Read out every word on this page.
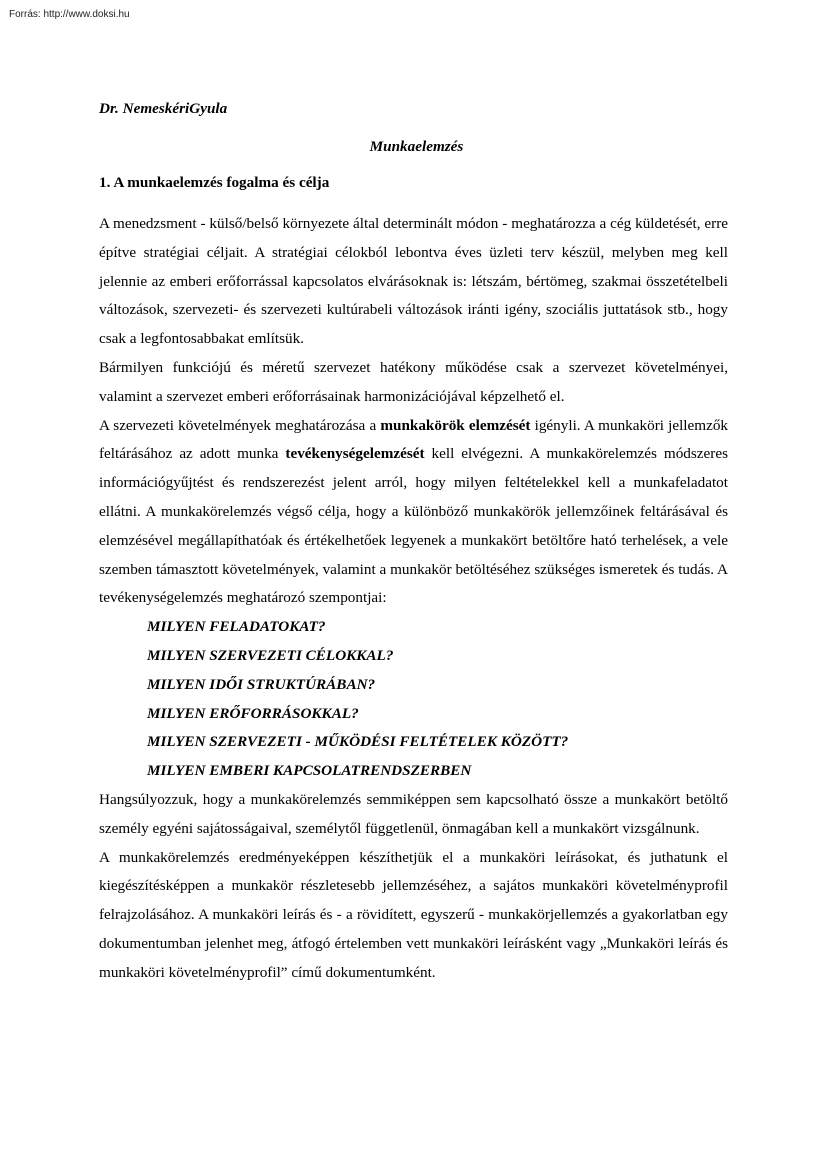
Forrás: http://www.doksi.hu

Dr. NemeskériGyula

Munkaelemzés

1. A munkaelemzés fogalma és célja

A menedzsment - külső/belső környezete által determinált módon - meghatározza a cég küldetését, erre építve stratégiai céljait. A stratégiai célokból lebontva éves üzleti terv készül, melyben meg kell jelennie az emberi erőforrással kapcsolatos elvárásoknak is: létszám, bértömeg, szakmai összetételbeli változások, szervezeti- és szervezeti kultúrabeli változások iránti igény, szociális juttatások stb., hogy csak a legfontosabbakat említsük.

Bármilyen funkciójú és méretű szervezet hatékony működése csak a szervezet követelményei, valamint a szervezet emberi erőforrásainak harmonizációjával képzelhető el.

A szervezeti követelmények meghatározása a munkakörök elemzését igényli. A munkaköri jellemzők feltárásához az adott munka tevékenységelemzését kell elvégezni. A munkakörelemzés módszeres információgyűjtést és rendszerezést jelent arról, hogy milyen feltételekkel kell a munkafeladatot ellátni. A munkakörelemzés végső célja, hogy a különböző munkakörök jellemzőinek feltárásával és elemzésével megállapíthatóak és értékelhetőek legyenek a munkakört betöltőre ható terhelések, a vele szemben támasztott követelmények, valamint a munkakör betöltéséhez szükséges ismeretek és tudás. A tevékenységelemzés meghatározó szempontjai:

MILYEN FELADATOKAT?
MILYEN SZERVEZETI CÉLOKKAL?
MILYEN IDŐI STRUKTÚRÁBAN?
MILYEN ERŐFORRÁSOKKAL?
MILYEN SZERVEZETI - MŰKÖDÉSI FELTÉTELEK KÖZÖTT?
MILYEN EMBERI KAPCSOLATRENDSZERBEN

Hangsúlyozzuk, hogy a munkakörelemzés semmiképpen sem kapcsolható össze a munkakört betöltő személy egyéni sajátosságaival, személytől függetlenül, önmagában kell a munkakört vizsgálnunk.

A munkakörelemzés eredményeképpen készíthetjük el a munkaköri leírásokat, és juthatunk el kiegészítésképpen a munkakör részletesebb jellemzéséhez, a sajátos munkaköri követelményprofil felrajzolásához. A munkaköri leírás és - a rövidített, egyszerű - munkakörjellemzés a gyakorlatban egy dokumentumban jelenhet meg, átfogó értelemben vett munkaköri leírásként vagy „Munkaköri leírás és munkaköri követelményprofil” című dokumentumként.
